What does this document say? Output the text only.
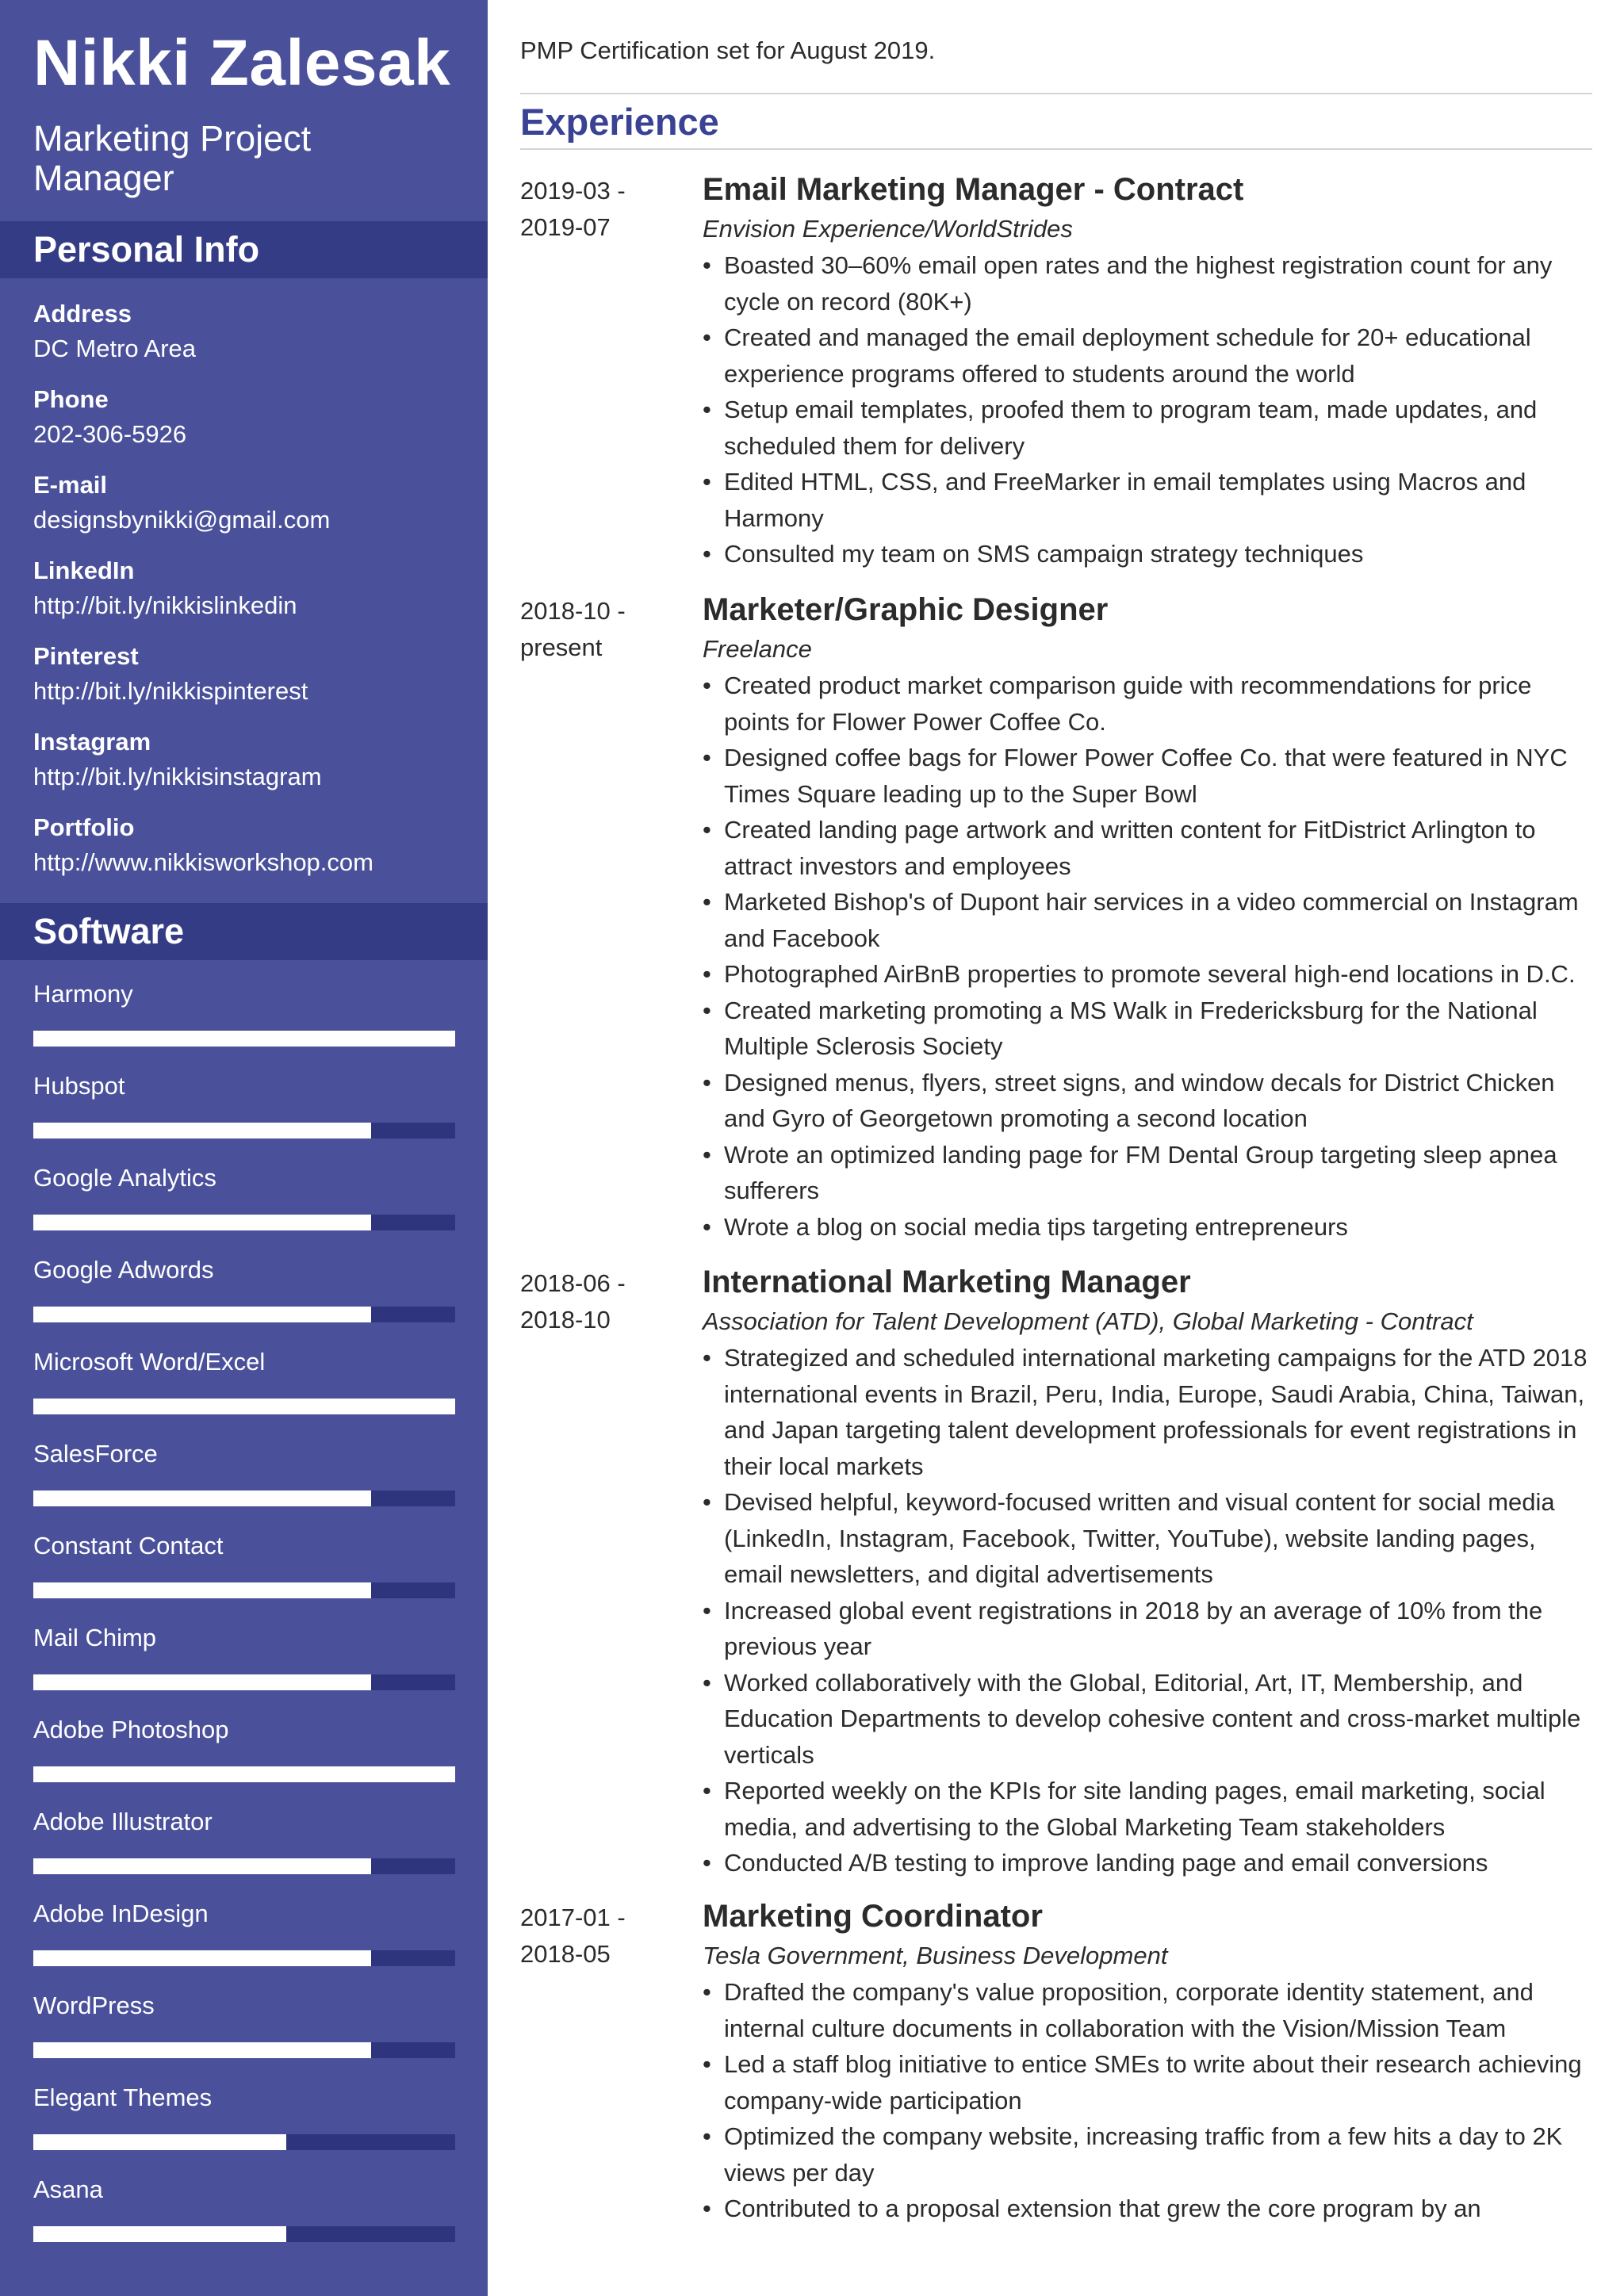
Nikki Zalesak
Marketing Project Manager
Personal Info
Address
DC Metro Area
Phone
202-306-5926
E-mail
designsbynikki@gmail.com
LinkedIn
http://bit.ly/nikkislinkedin
Pinterest
http://bit.ly/nikkispinterest
Instagram
http://bit.ly/nikkisinstagram
Portfolio
http://www.nikkisworkshop.com
Software
Harmony
Hubspot
Google Analytics
Google Adwords
Microsoft Word/Excel
SalesForce
Constant Contact
Mail Chimp
Adobe Photoshop
Adobe Illustrator
Adobe InDesign
WordPress
Elegant Themes
Asana
PMP Certification set for August 2019.
Experience
2019-03 -
2019-07
Email Marketing Manager - Contract
Envision Experience/WorldStrides
• Boasted 30–60% email open rates and the highest registration count for any cycle on record (80K+)
• Created and managed the email deployment schedule for 20+ educational experience programs offered to students around the world
• Setup email templates, proofed them to program team, made updates, and scheduled them for delivery
• Edited HTML, CSS, and FreeMarker in email templates using Macros and Harmony
• Consulted my team on SMS campaign strategy techniques
2018-10 -
present
Marketer/Graphic Designer
Freelance
• Created product market comparison guide with recommendations for price points for Flower Power Coffee Co.
• Designed coffee bags for Flower Power Coffee Co. that were featured in NYC Times Square leading up to the Super Bowl
• Created landing page artwork and written content for FitDistrict Arlington to attract investors and employees
• Marketed Bishop's of Dupont hair services in a video commercial on Instagram and Facebook
• Photographed AirBnB properties to promote several high-end locations in D.C.
• Created marketing promoting a MS Walk in Fredericksburg for the National Multiple Sclerosis Society
• Designed menus, flyers, street signs, and window decals for District Chicken and Gyro of Georgetown promoting a second location
• Wrote an optimized landing page for FM Dental Group targeting sleep apnea sufferers
• Wrote a blog on social media tips targeting entrepreneurs
2018-06 -
2018-10
International Marketing Manager
Association for Talent Development (ATD), Global Marketing - Contract
• Strategized and scheduled international marketing campaigns for the ATD 2018 international events in Brazil, Peru, India, Europe, Saudi Arabia, China, Taiwan, and Japan targeting talent development professionals for event registrations in their local markets
• Devised helpful, keyword-focused written and visual content for social media (LinkedIn, Instagram, Facebook, Twitter, YouTube), website landing pages, email newsletters, and digital advertisements
• Increased global event registrations in 2018 by an average of 10% from the previous year
• Worked collaboratively with the Global, Editorial, Art, IT, Membership, and Education Departments to develop cohesive content and cross-market multiple verticals
• Reported weekly on the KPIs for site landing pages, email marketing, social media, and advertising to the Global Marketing Team stakeholders
• Conducted A/B testing to improve landing page and email conversions
2017-01 -
2018-05
Marketing Coordinator
Tesla Government, Business Development
• Drafted the company's value proposition, corporate identity statement, and internal culture documents in collaboration with the Vision/Mission Team
• Led a staff blog initiative to entice SMEs to write about their research achieving company-wide participation
• Optimized the company website, increasing traffic from a few hits a day to 2K views per day
• Contributed to a proposal extension that grew the core program by an
